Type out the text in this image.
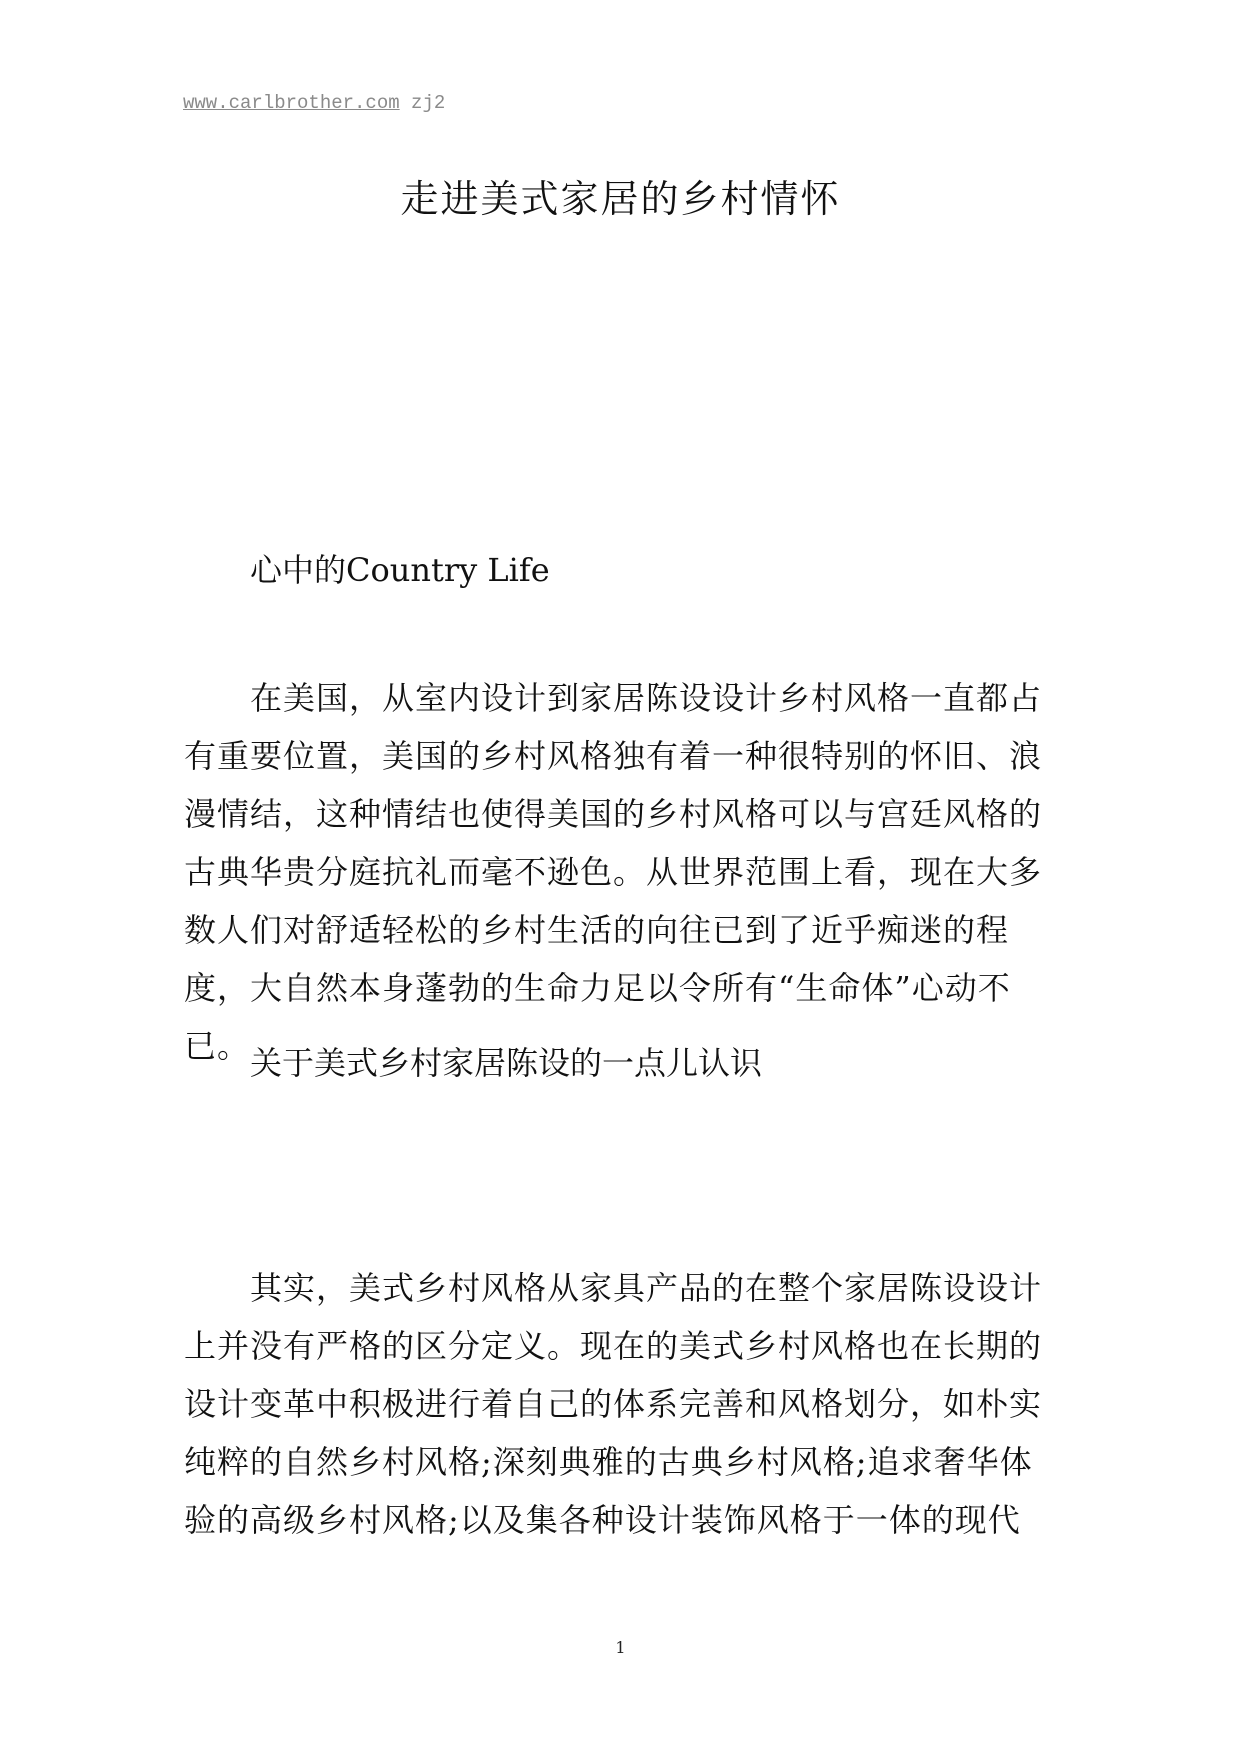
www.carlbrother.com zj2
走进美式家居的乡村情怀
心中的Country Life

在美国，从室内设计到家居陈设设计乡村风格一直都占有重要位置，美国的乡村风格独有着一种很特别的怀旧、浪漫情结，这种情结也使得美国的乡村风格可以与宫廷风格的古典华贵分庭抗礼而毫不逊色。从世界范围上看，现在大多数人们对舒适轻松的乡村生活的向往已到了近乎痴迷的程度，大自然本身蓬勃的生命力足以令所有“生命体”心动不已。 关于美式乡村家居陈设的一点儿认识

其实，美式乡村风格从家具产品的在整个家居陈设设计上并没有严格的区分定义。现在的美式乡村风格也在长期的设计变革中积极进行着自己的体系完善和风格划分，如朴实纯粹的自然乡村风格;深刻典雅的古典乡村风格;追求奢华体验的高级乡村风格;以及集各种设计装饰风格于一体的现代

1
